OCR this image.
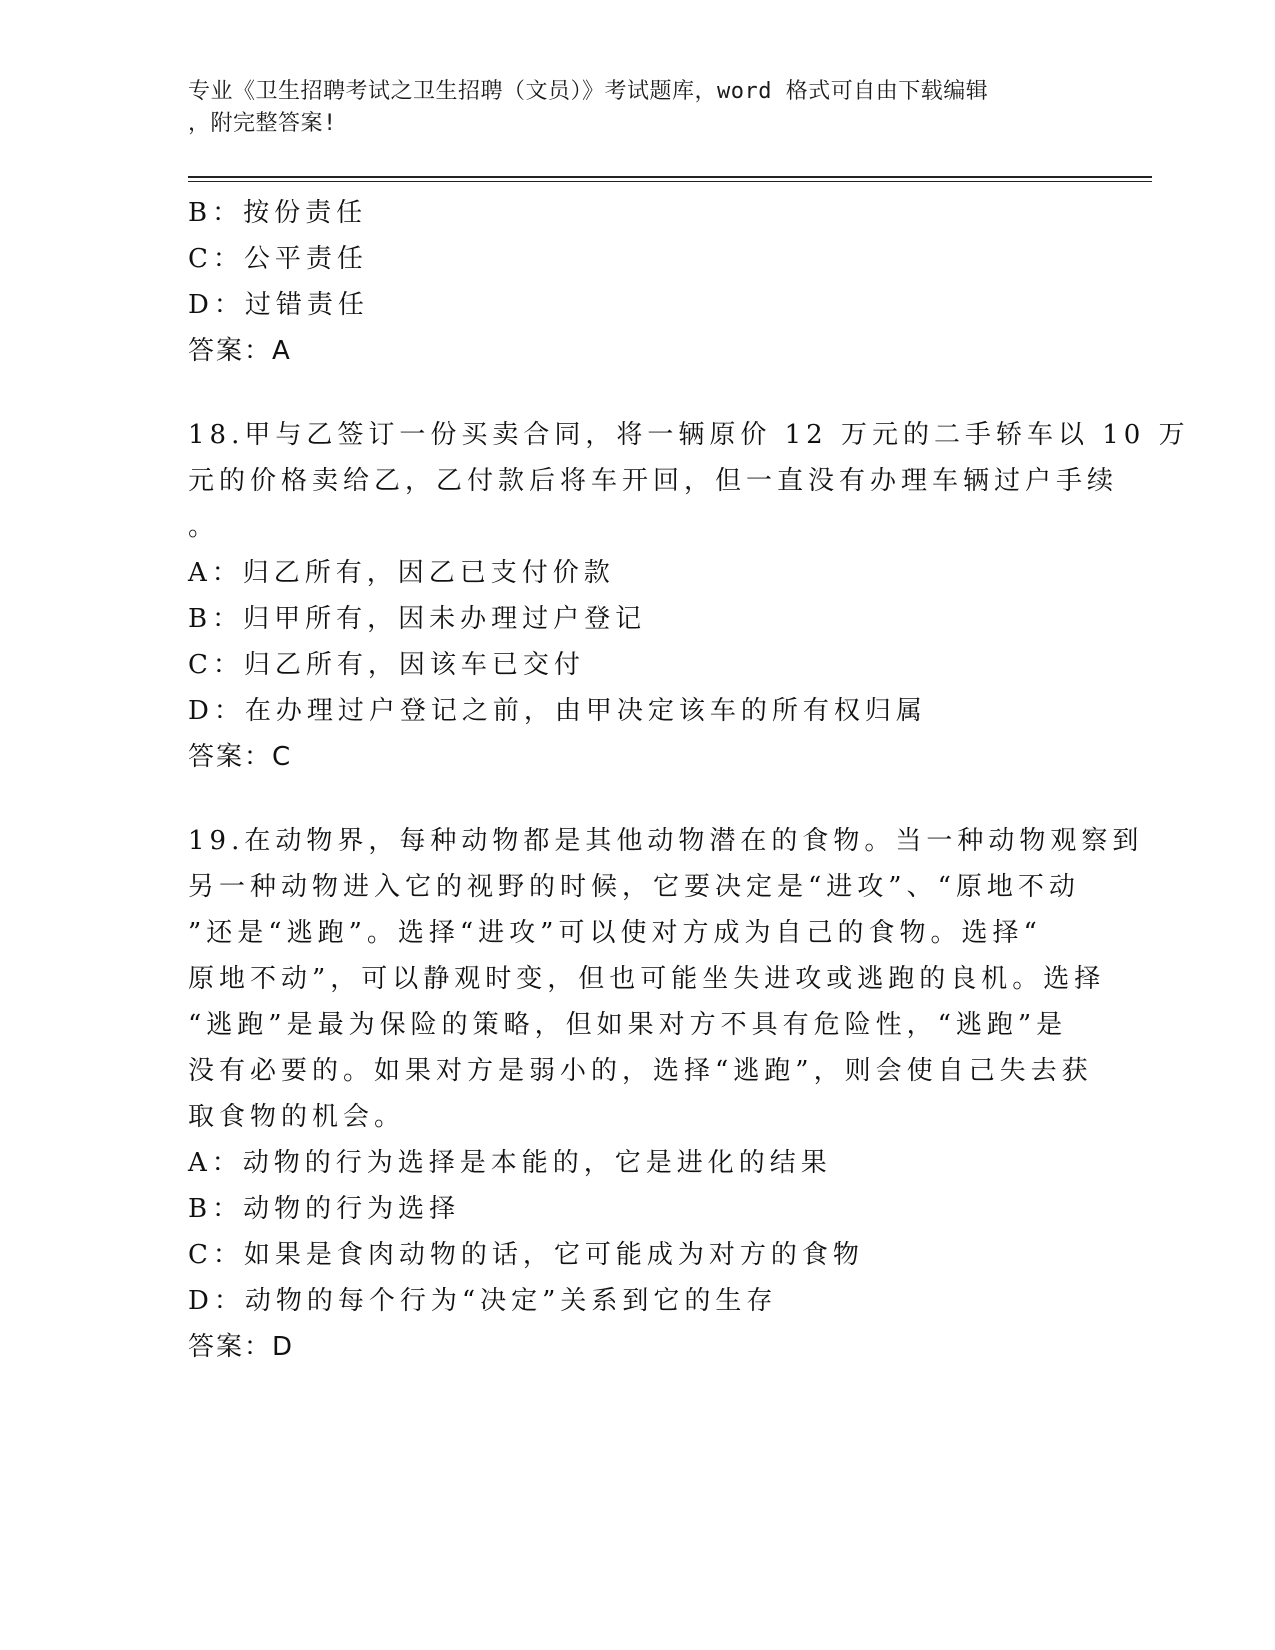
专业《卫生招聘考试之卫生招聘（文员）》考试题库，word 格式可自由下载编辑
，附完整答案!
B：按份责任
C：公平责任
D：过错责任
答案：A
18.甲与乙签订一份买卖合同，将一辆原价 12 万元的二手轿车以 10 万
元的价格卖给乙，乙付款后将车开回，但一直没有办理车辆过户手续
。
A：归乙所有，因乙已支付价款
B：归甲所有，因未办理过户登记
C：归乙所有，因该车已交付
D：在办理过户登记之前，由甲决定该车的所有权归属
答案：C
19.在动物界，每种动物都是其他动物潜在的食物。当一种动物观察到
另一种动物进入它的视野的时候，它要决定是“进攻”、“原地不动
”还是“逃跑”。选择“进攻”可以使对方成为自己的食物。选择“
原地不动”，可以静观时变，但也可能坐失进攻或逃跑的良机。选择
“逃跑”是最为保险的策略，但如果对方不具有危险性，“逃跑”是
没有必要的。如果对方是弱小的，选择“逃跑”，则会使自己失去获
取食物的机会。
A：动物的行为选择是本能的，它是进化的结果
B：动物的行为选择
C：如果是食肉动物的话，它可能成为对方的食物
D：动物的每个行为“决定”关系到它的生存
答案：D
